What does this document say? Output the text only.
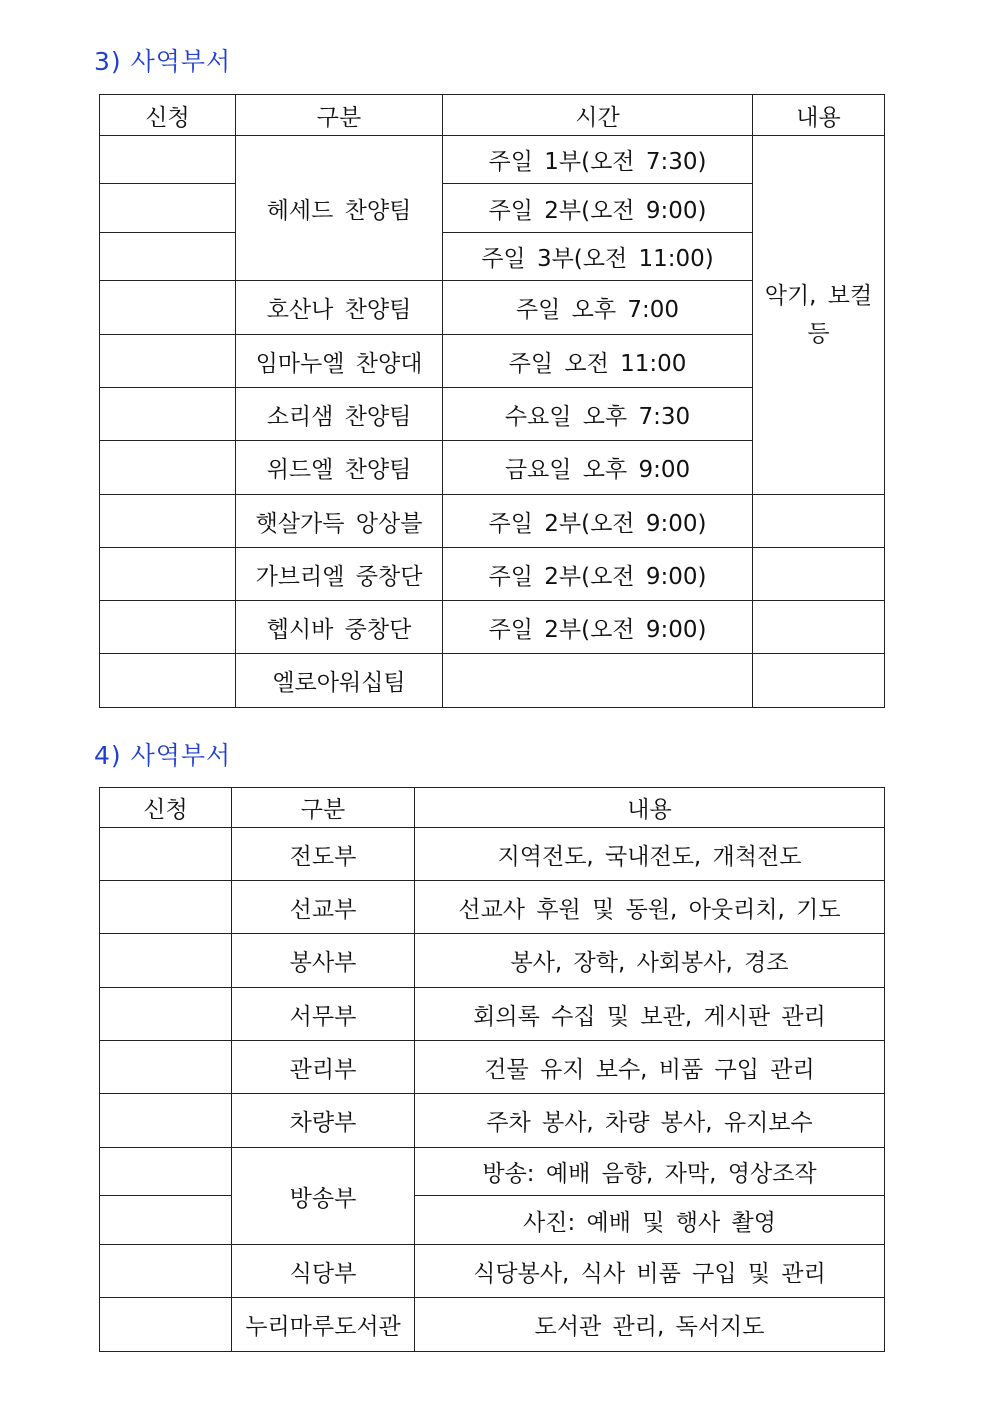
3) 사역부서
신청	구분	시간	내용
	헤세드 찬양팀	주일 1부(오전 7:30)	악기, 보컬 등
		주일 2부(오전 9:00)	
		주일 3부(오전 11:00)	
	호산나 찬양팀	주일 오후 7:00	
	임마누엘 찬양대	주일 오전 11:00	
	소리샘 찬양팀	수요일 오후 7:30	
	위드엘 찬양팀	금요일 오후 9:00	
	햇살가득 앙상블	주일 2부(오전 9:00)	
	가브리엘 중창단	주일 2부(오전 9:00)	
	헵시바 중창단	주일 2부(오전 9:00)	
	엘로아워십팀		
4) 사역부서
신청	구분	내용
	전도부	지역전도, 국내전도, 개척전도
	선교부	선교사 후원 및 동원, 아웃리치, 기도
	봉사부	봉사, 장학, 사회봉사, 경조
	서무부	회의록 수집 및 보관, 게시판 관리
	관리부	건물 유지 보수, 비품 구입 관리
	차량부	주차 봉사, 차량 봉사, 유지보수
	방송부	방송: 예배 음향, 자막, 영상조작
		사진: 예배 및 행사 촬영
	식당부	식당봉사, 식사 비품 구입 및 관리
	누리마루도서관	도서관 관리, 독서지도
